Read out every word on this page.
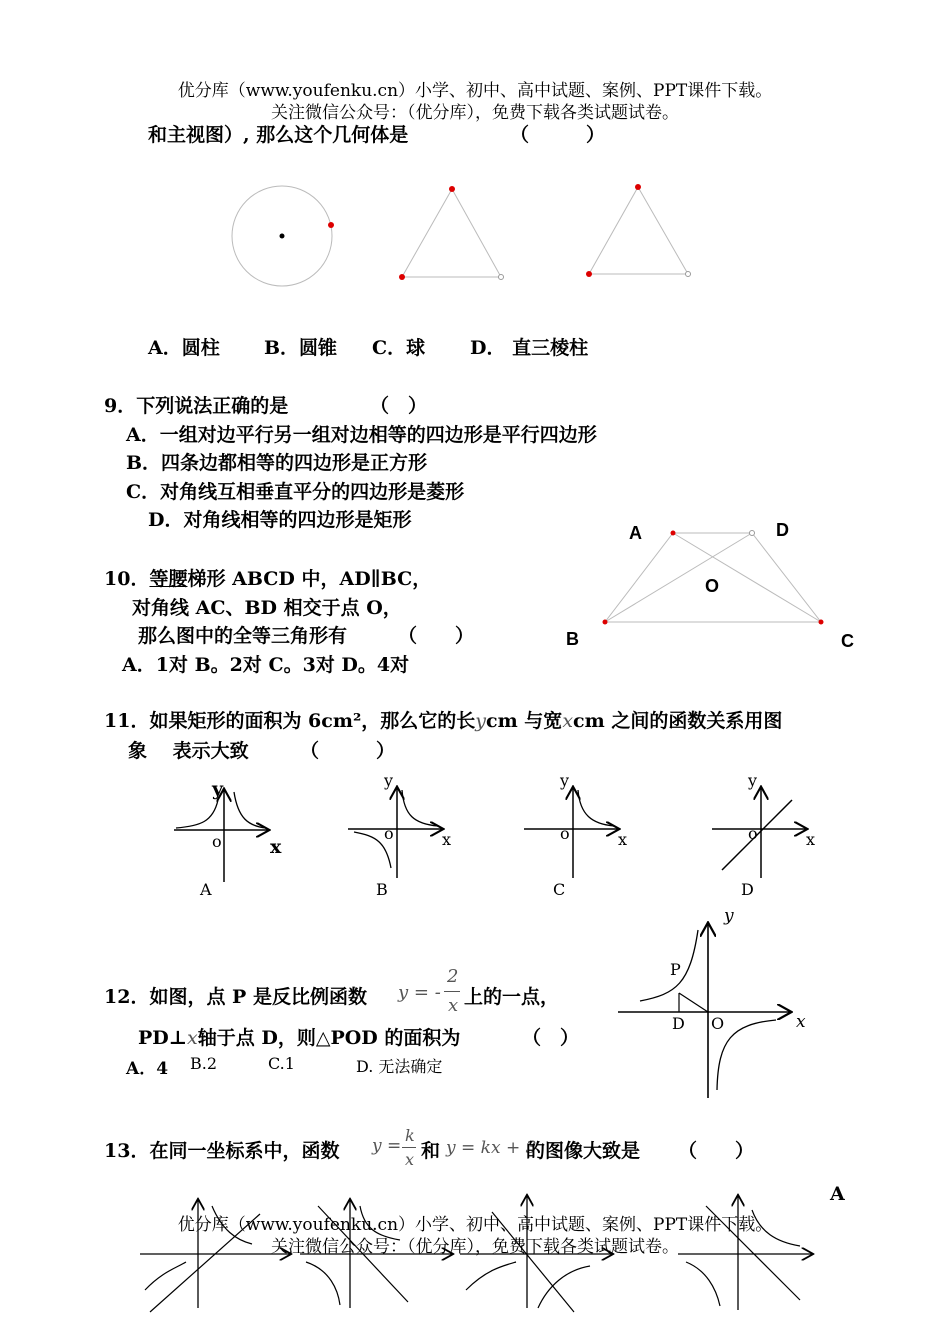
优分库（www.youfenku.cn）小学、初中、高中试题、案例、PPT课件下载。
关注微信公众号：（优分库），免费下载各类试题试卷。
和主视图）, 那么这个几何体是	（　　　）
A．圆柱 B．圆锥 C．球 D． 直三棱柱
9．下列说法正确的是	（　）
A．一组对边平行另一组对边相等的四边形是平行四边形
B．四条边都相等的四边形是正方形
C．对角线互相垂直平分的四边形是菱形
D．对角线相等的四边形是矩形
10．等腰梯形 ABCD 中，AD∥BC，
对角线 AC、BD 相交于点 O，
那么图中的全等三角形有	（　　）
A．1对 B。2对 C。3对 D。4对
A	D
O
B	C
11．如果矩形的面积为 6cm²，那么它的长ycm 与宽xcm 之间的函数关系用图
象　 表示大致	（　　　）
y
o	x
A
y
o	x
B
y
o	x
C
y
o	x
D
12．如图，点 P 是反比例函数 y = -
2
x 上的一点，
PD⊥x轴于点 D，则△POD 的面积为	（　）
A．4 B.2	C.1	D. 无法确定
y
P
D O	x
13．在同一坐标系中，函数 y =
k
x 和 y = kx + 3
的图像大致是 （　　）
A
优分库（www.youfenku.cn）小学、初中、高中试题、案例、PPT课件下载。
关注微信公众号：（优分库），免费下载各类试题试卷。
